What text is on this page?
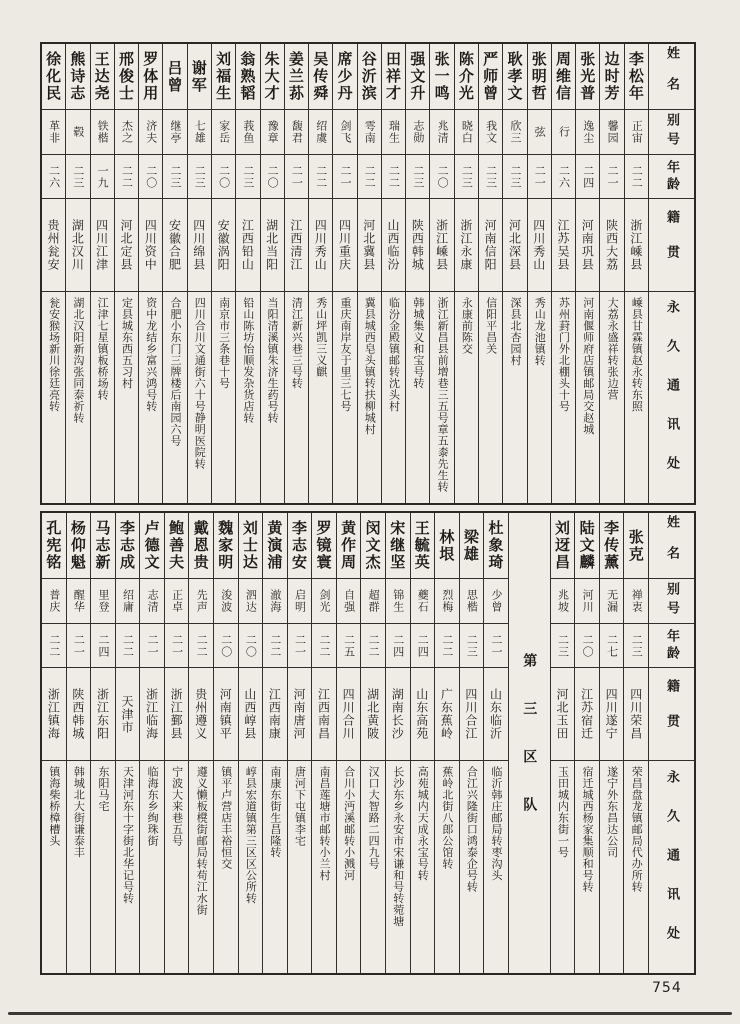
姓名
别号
年龄
籍贯
永久通讯处
李松年
正宙
二二
浙江嵊县
嵊县甘霖镇赵永转东照
边时芳
馨园
二一
陕西大荔
大荔永盛祥转张边营
张光普
逸尘
二四
河南巩县
河南偃师府店镇邮局交赵城
周维信
行
二六
江苏吴县
苏州葑门外北棚头十号
张明哲
弦
二一
四川秀山
秀山龙池镇转
耿孝文
欣三
二三
河北深县
深县北杏园村
严师曾
我文
二三
河南信阳
信阳平昌关
陈介光
晓白
二三
浙江永康
永康前陈交
张一鸣
兆清
二〇
浙江嵊县
浙江新昌县前增巷三五号章五桼先生转
强文升
志勋
二三
陕西韩城
韩城集义和宝号转
田祥才
瑞生
二二
山西临汾
临汾金殿镇邮转沈头村
谷沂滨
雩南
二二
河北冀县
冀县城西皂头镇转扶柳城村
席少丹
剑飞
二一
四川重庆
重庆南岸友于里三七号
吴传舜
绍虞
二二
四川秀山
秀山坪凯三义麒
姜兰荪
馥君
二一
江西清江
清江新兴巷三号转
朱大才
豫章
二〇
湖北当阳
当阳清溪镇朱济生药号转
翁熟韬
莪鱼
二三
江西铅山
铅山陈坊怡顺发杂货店转
刘福生
家岳
二〇
安徽涡阳
南京市三条巷十号
谢军
七雄
二三
四川绵县
四川合川文通街六十号静明医院转
吕曾
继亭
二三
安徽合肥
合肥小东门三牌楼后南园六号
罗体用
济夫
二〇
四川资中
资中龙结乡富兴鸿号转
邢俊士
杰之
二二
河北定县
定县城东西五习村
王达尧
铁楷
一九
四川江津
江津七星镇板桥场转
熊诗志
毂
二三
湖北汉川
湖北汉阳新沟张同泰祈转
徐化民
革非
二六
贵州瓮安
瓮安猴场新川徐廷亮转
姓名
别号
年龄
籍贯
永久通讯处
张克
禅衷
二三
四川荣昌
荣昌盘龙镇邮局代办所转
李传薰
无漏
二七
四川遂宁
遂宁外东昌达公司
陆文麟
河川
二〇
江苏宿迁
宿迁城西杨家集顺和号转
刘迓昌
兆坡
二三
河北玉田
玉田城内东街一号
第三区队
杜象琦
少曾
二一
山东临沂
临沂韩庄邮局转枣沟头
梁雄
思楷
二三
四川合江
合江兴隆街口鸿泰企号转
林垠
烈梅
二二
广东蕉岭
蕉岭北街八郎公馆转
王毓英
夔石
二四
山东高苑
高苑城内天成永宝号转
宋继坚
锦生
二四
湖南长沙
长沙东乡永安市宋谦和号转菀塘
闵文杰
超群
二二
湖北黄陂
汉口大智路二四九号
黄作周
自强
二五
四川合川
合川小沔溪邮转小溅河
罗镜寰
剑光
二二
江西南昌
南昌莲塘市邮转小兰村
李志安
启明
二一
河南唐河
唐河下屯镇李宅
黄演浦
澈海
二二
江西南康
南康东街生昌隆转
刘士达
泗达
二〇
山西崞县
崞县宏道镇第三区区公所转
魏家明
浚波
二〇
河南镇平
镇平卢营店丰裕恒交
戴恩贵
先声
二二
贵州遵义
遵义懒板櫈街邮局转苟江水街
鲍善夫
正卓
二一
浙江鄞县
宁波大来巷五号
卢德文
志清
二一
浙江临海
临海东乡绚珠街
李志成
绍庸
二二
天津市
天津河东十字街北华记号转
马志新
里登
二四
浙江东阳
东阳马宅
杨仰魁
醒华
二一
陕西韩城
韩城北大街谦泰丰
孔宪铭
普庆
二二
浙江镇海
镇海柴桥樟槽头
754
